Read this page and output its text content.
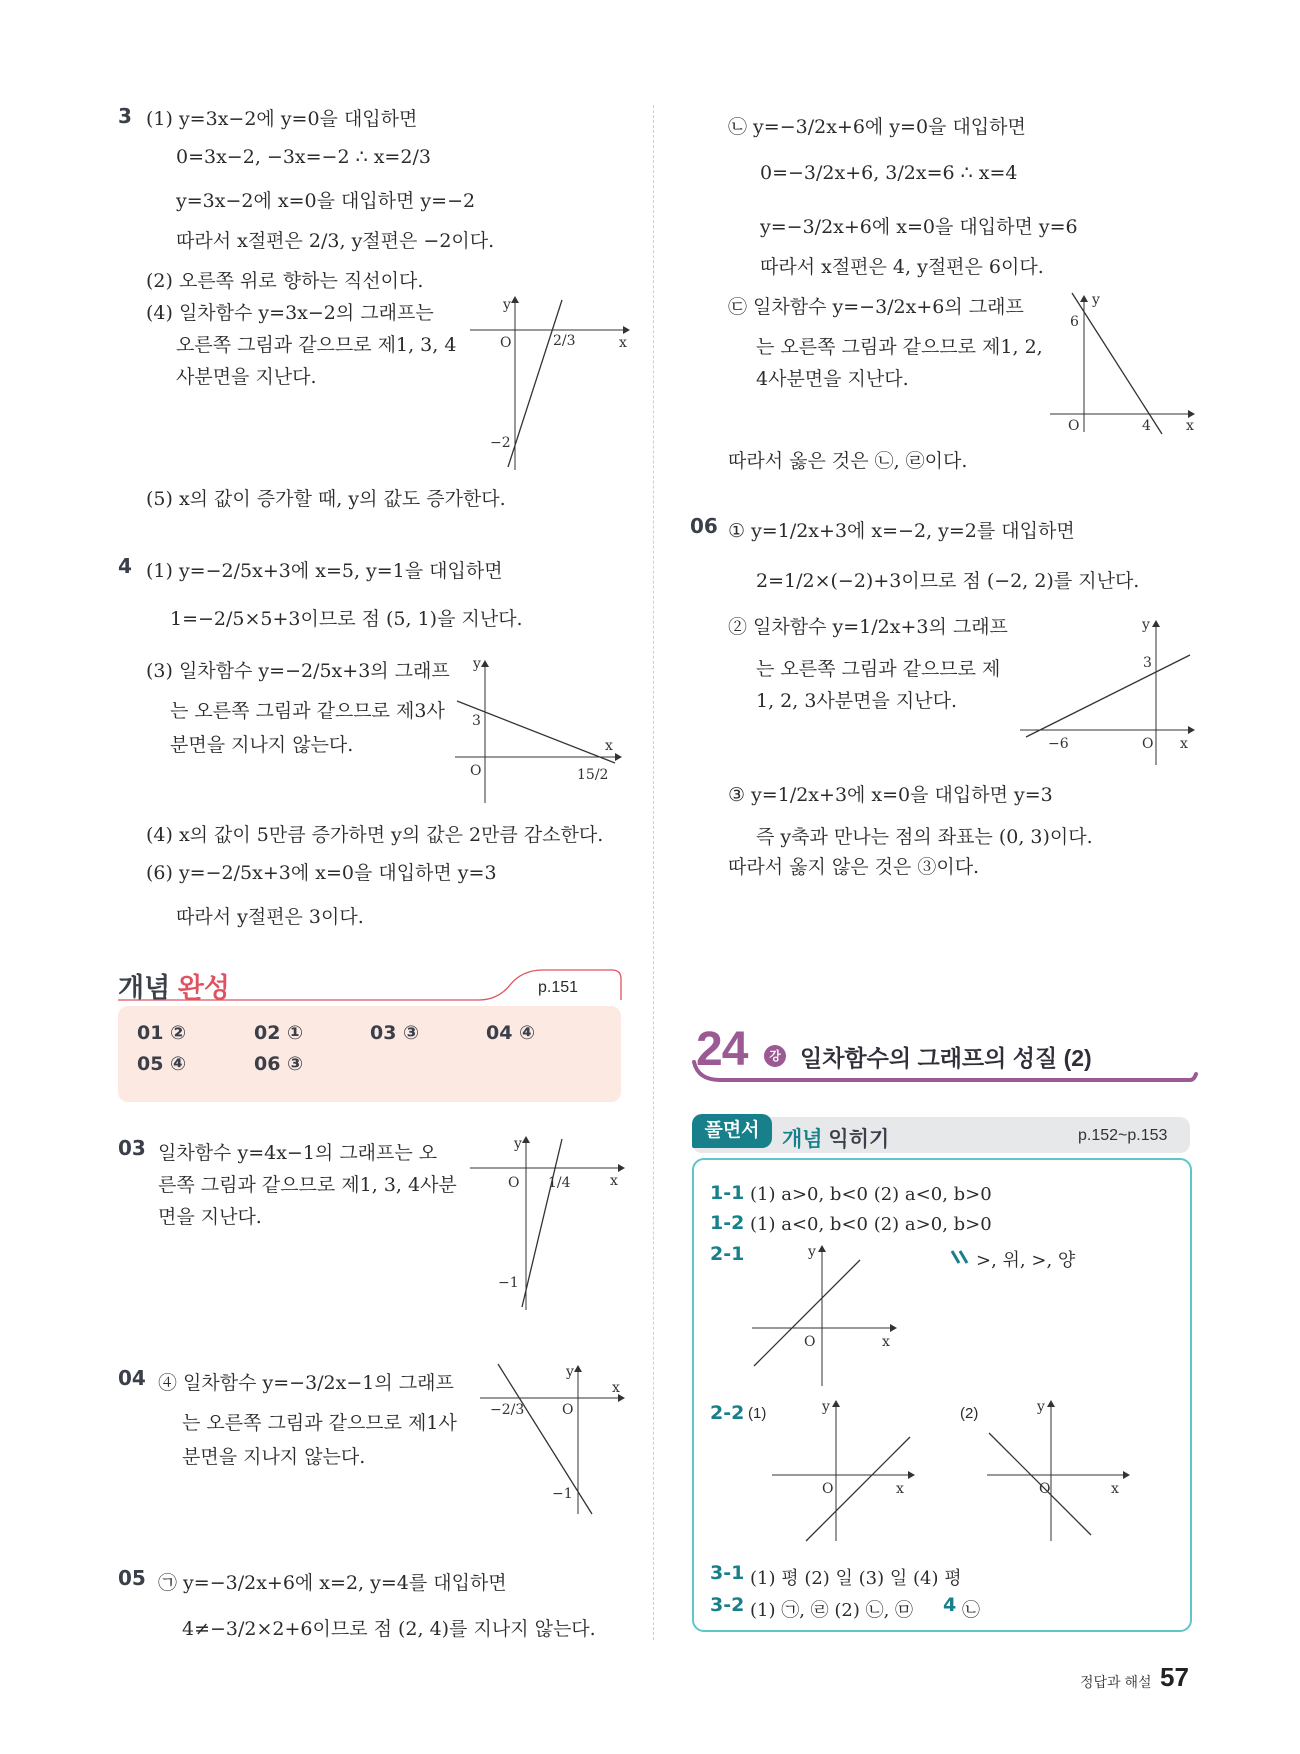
3 (1) y=3x−2에 y=0을 대입하면
0=3x−2, −3x=−2 ∴ x=2/3
y=3x−2에 x=0을 대입하면 y=−2
따라서 x절편은 2/3, y절편은 −2이다.
(2) 오른쪽 위로 향하는 직선이다.
(4) 일차함수 y=3x−2의 그래프는
오른쪽 그림과 같으므로 제1, 3, 4
사분면을 지난다.
y
x
O	2/3
−2
(5) x의 값이 증가할 때, y의 값도 증가한다.
4 (1) y=−2/5x+3에 x=5, y=1을 대입하면
1=−2/5×5+3이므로 점 (5, 1)을 지난다.
(3) 일차함수 y=−2/5x+3의 그래프
는 오른쪽 그림과 같으므로 제3사
분면을 지나지 않는다.
y
x
O
3
15/2
(4) x의 값이 5만큼 증가하면 y의 값은 2만큼 감소한다.
(6) y=−2/5x+3에 x=0을 대입하면 y=3
따라서 y절편은 3이다.
개념 완성	p.151
01 ②	02 ①	03 ③	04 ④
05 ④	06 ③
03 일차함수 y=4x−1의 그래프는 오
른쪽 그림과 같으므로 제1, 3, 4사분
면을 지난다.
y
x
O 1/4
−1
04 ④ 일차함수 y=−3/2x−1의 그래프
는 오른쪽 그림과 같으므로 제1사
분면을 지나지 않는다.
y
x
O
−2/3
−1
05 ㉠ y=−3/2x+6에 x=2, y=4를 대입하면
4≠−3/2×2+6이므로 점 (2, 4)를 지나지 않는다.
㉡ y=−3/2x+6에 y=0을 대입하면
0=−3/2x+6, 3/2x=6 ∴ x=4
y=−3/2x+6에 x=0을 대입하면 y=6
따라서 x절편은 4, y절편은 6이다.
㉢ 일차함수 y=−3/2x+6의 그래프
는 오른쪽 그림과 같으므로 제1, 2,
4사분면을 지난다.
y
x
O
6
4
따라서 옳은 것은 ㉡, ㉣이다.
06 ① y=1/2x+3에 x=−2, y=2를 대입하면
2=1/2×(−2)+3이므로 점 (−2, 2)를 지난다.
② 일차함수 y=1/2x+3의 그래프
는 오른쪽 그림과 같으므로 제
1, 2, 3사분면을 지난다.
y
x
O
3
−6
③ y=1/2x+3에 x=0을 대입하면 y=3
즉 y축과 만나는 점의 좌표는 (0, 3)이다.
따라서 옳지 않은 것은 ③이다.
24	강 일차함수의 그래프의 성질 (2)
풀면서	개념 익히기	p.152~p.153
1-1 (1) a>0, b<0 (2) a<0, b>0
1-2 (1) a<0, b<0 (2) a>0, b>0
2-1	y
x
O
>, 위, >, 양
2-2 (1)	(2)
y
x
O
y
x
O
3-1 (1) 평 (2) 일 (3) 일 (4) 평
3-2 (1) ㉠, ㉣ (2) ㉡, ㉤ 4 ㉡
정답과 해설 57
